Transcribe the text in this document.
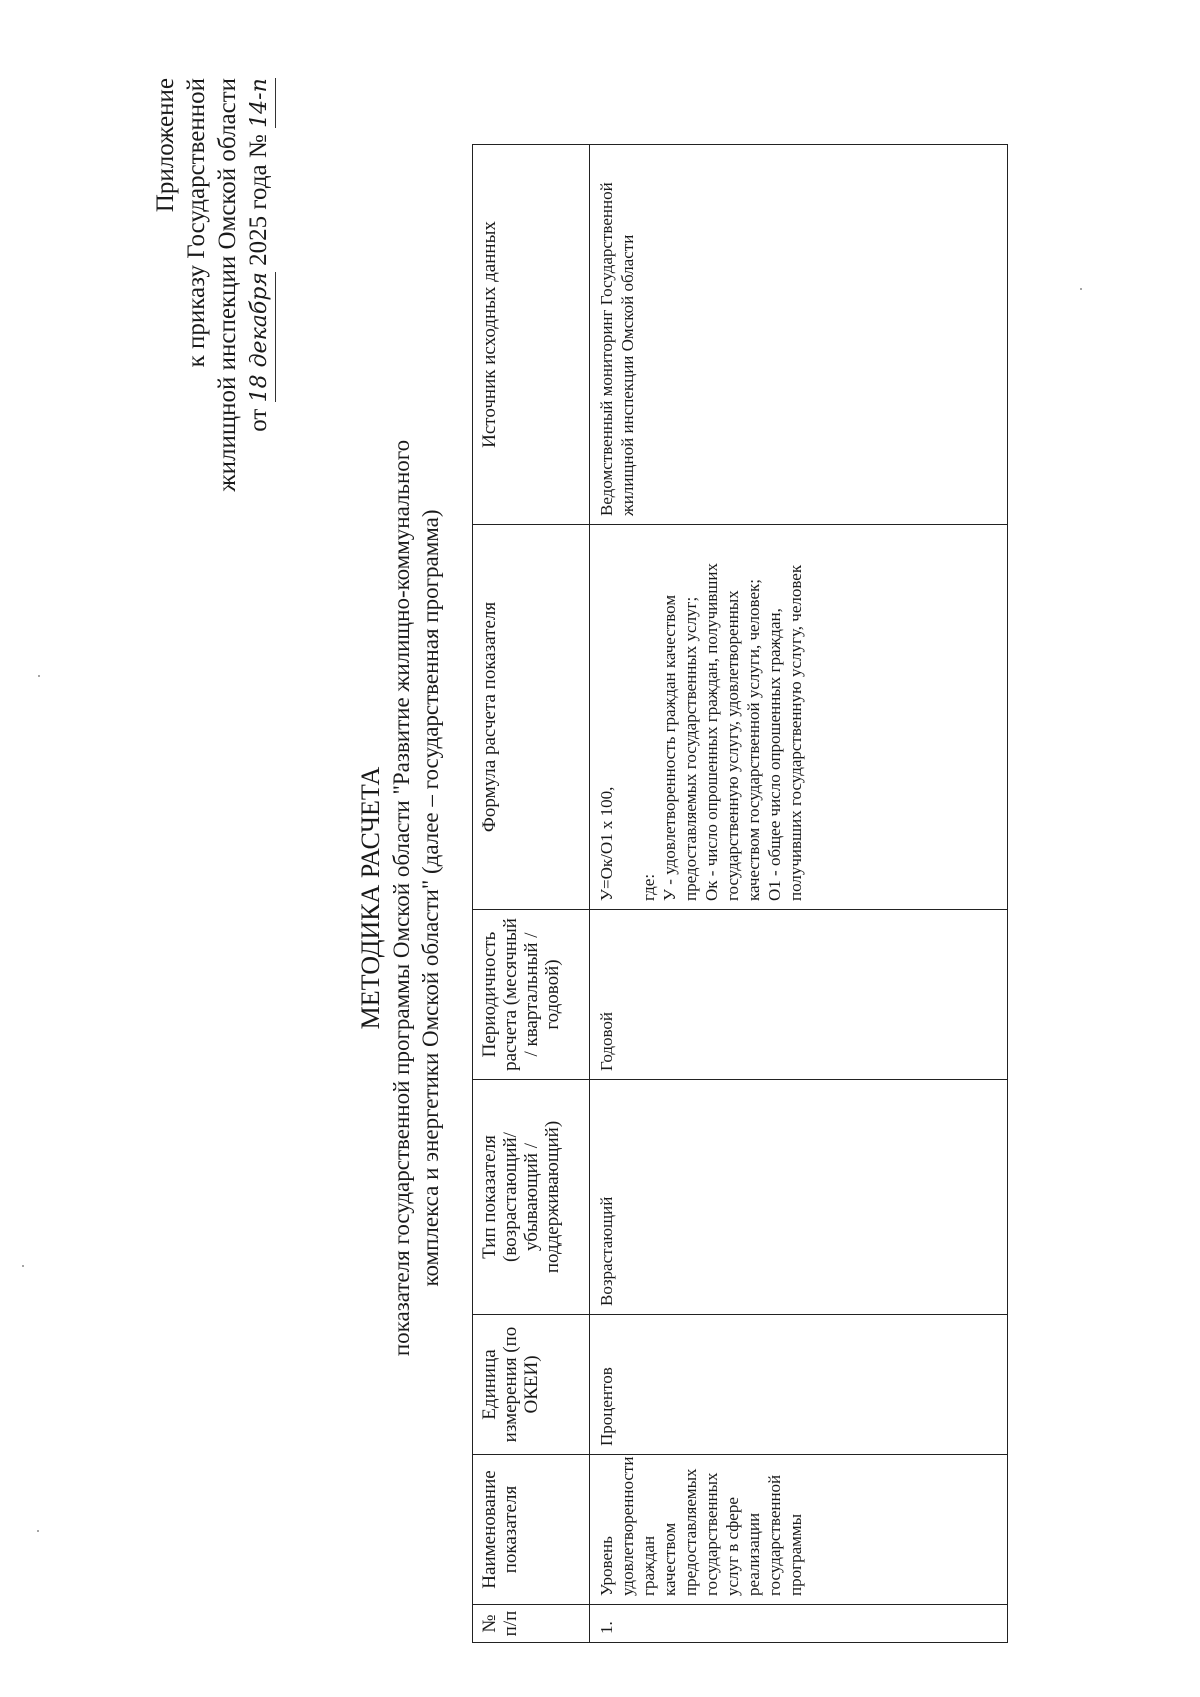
Приложение к приказу Государственной жилищной инспекции Омской области от 18 декабря 2025 года № 14-п
МЕТОДИКА РАСЧЕТА показателя государственной программы Омской области "Развитие жилищно-коммунального комплекса и энергетики Омской области" (далее – государственная программа)
№ п/п	Наименование показателя	Единица измерения (по ОКЕИ)	Тип показателя (возрастающий/ убывающий / поддерживающий)	Периодичность расчета (месячный / квартальный / годовой)	Формула расчета показателя	Источник исходных данных
1.	Уровень удовлетворенности граждан качеством предоставляемых государственных услуг в сфере реализации государственной программы	Процентов	Возрастающий	Годовой	У=Ок/О1 х 100,

где:
У - удовлетворенность граждан качеством предоставляемых государственных услуг;
Ок - число опрошенных граждан, получивших государственную услугу, удовлетворенных качеством государственной услуги, человек;
О1 - общее число опрошенных граждан, получивших государственную услугу, человек	Ведомственный мониторинг Государственной жилищной инспекции Омской области
